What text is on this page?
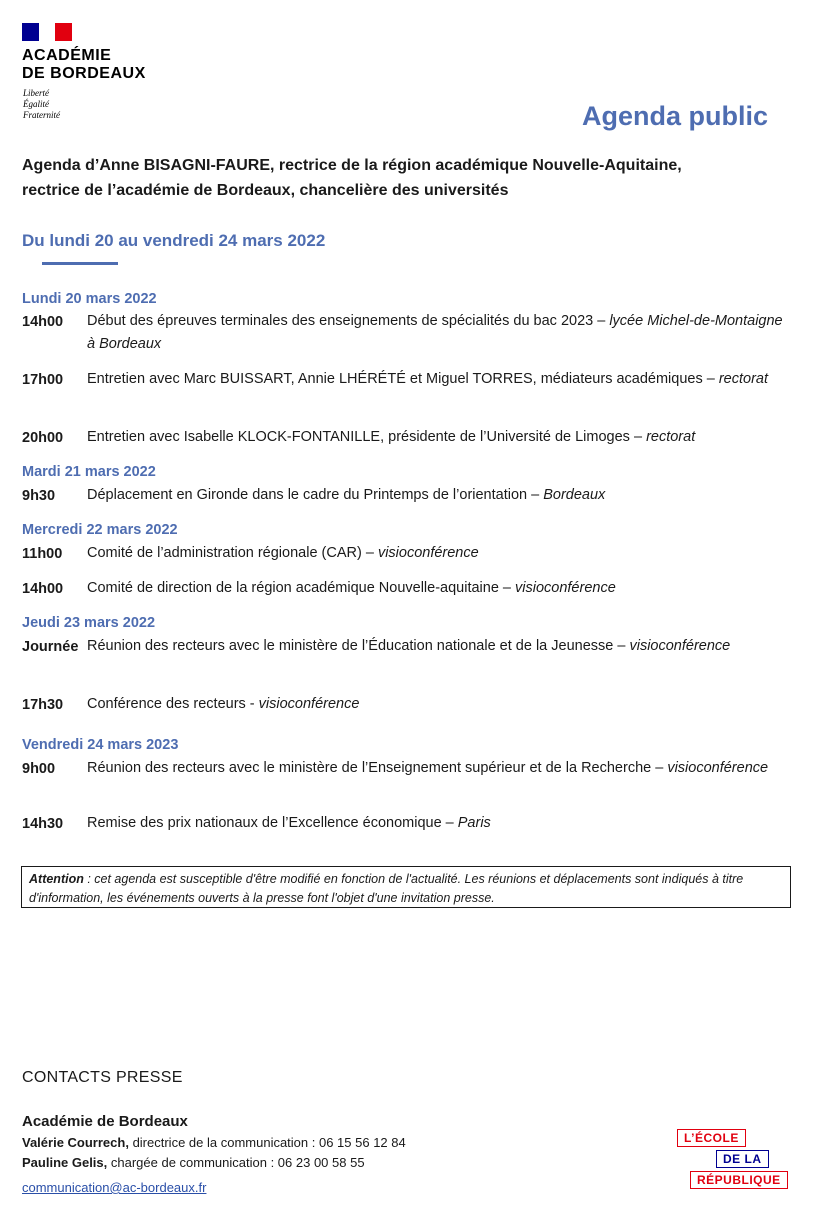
ACADÉMIE
DE BORDEAUX
Liberté
Égalité
Fraternité	Agenda public
Agenda d’Anne BISAGNI-FAURE, rectrice de la région académique Nouvelle-Aquitaine, rectrice de l’académie de Bordeaux, chancelière des universités
Du lundi 20 au vendredi 24 mars 2022
Lundi 20 mars 2022
14h00 Début des épreuves terminales des enseignements de spécialités du bac 2023 – lycée Michel-de-Montaigne à Bordeaux
17h00 Entretien avec Marc BUISSART, Annie LHÉRÉTÉ et Miguel TORRES, médiateurs académiques – rectorat
20h00 Entretien avec Isabelle KLOCK-FONTANILLE, présidente de l’Université de Limoges – rectorat
Mardi 21 mars 2022
9h30 Déplacement en Gironde dans le cadre du Printemps de l’orientation – Bordeaux
Mercredi 22 mars 2022
11h00 Comité de l’administration régionale (CAR) – visioconférence
14h00 Comité de direction de la région académique Nouvelle-aquitaine – visioconférence
Jeudi 23 mars 2022
Journée Réunion des recteurs avec le ministère de l’Éducation nationale et de la Jeunesse – visioconférence
17h30 Conférence des recteurs - visioconférence
Vendredi 24 mars 2023
9h00 Réunion des recteurs avec le ministère de l’Enseignement supérieur et de la Recherche – visioconférence
14h30 Remise des prix nationaux de l’Excellence économique – Paris
Attention : cet agenda est susceptible d'être modifié en fonction de l'actualité. Les réunions et déplacements sont indiqués à titre d'information, les événements ouverts à la presse font l'objet d'une invitation presse.
CONTACTS PRESSE
Académie de Bordeaux
Valérie Courrech, directrice de la communication : 06 15 56 12 84
Pauline Gelis, chargée de communication : 06 23 00 58 55
communication@ac-bordeaux.fr
L’ÉCOLE
DE LA
RÉPUBLIQUE
